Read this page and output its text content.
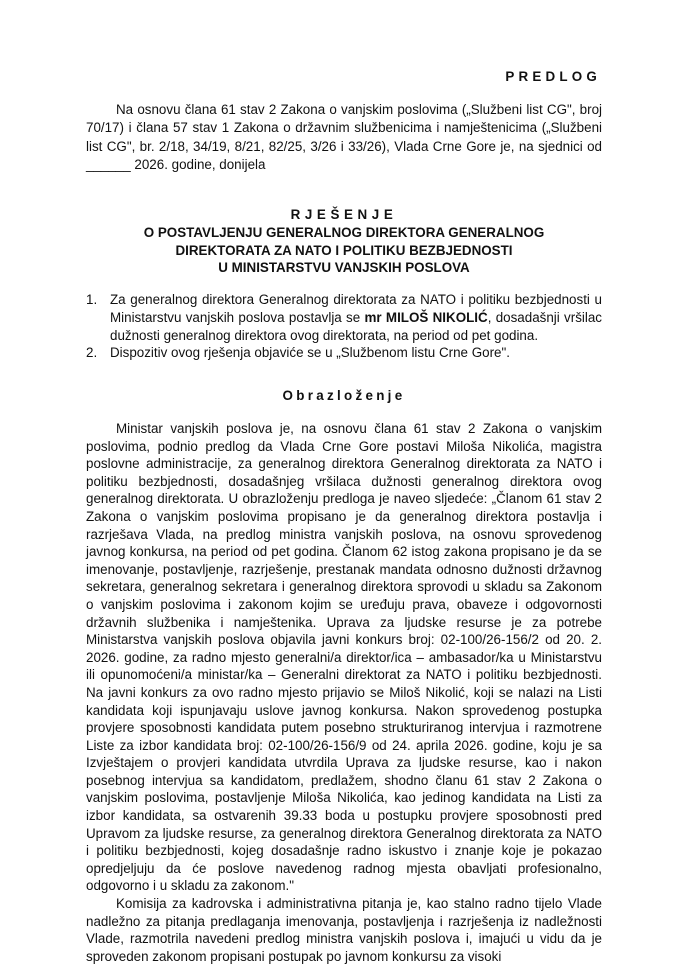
PREDLOG
Na osnovu člana 61 stav 2 Zakona o vanjskim poslovima („Službeni list CG", broj 70/17) i člana 57 stav 1 Zakona o državnim službenicima i namještenicima („Službeni list CG", br. 2/18, 34/19, 8/21, 82/25, 3/26 i 33/26), Vlada Crne Gore je, na sjednici od ______ 2026. godine, donijela
RJEŠENJE
O POSTAVLJENJU GENERALNOG DIREKTORA GENERALNOG
DIREKTORATA ZA NATO I POLITIKU BEZBJEDNOSTI
U MINISTARSTVU VANJSKIH POSLOVA
1. Za generalnog direktora Generalnog direktorata za NATO i politiku bezbjednosti u Ministarstvu vanjskih poslova postavlja se mr MILOŠ NIKOLIĆ, dosadašnji vršilac dužnosti generalnog direktora ovog direktorata, na period od pet godina.
2. Dispozitiv ovog rješenja objaviće se u „Službenom listu Crne Gore".
Obrazloženje

Ministar vanjskih poslova je, na osnovu člana 61 stav 2 Zakona o vanjskim poslovima, podnio predlog da Vlada Crne Gore postavi Miloša Nikolića, magistra poslovne administracije, za generalnog direktora Generalnog direktorata za NATO i politiku bezbjednosti, dosadašnjeg vršilaca dužnosti generalnog direktora ovog generalnog direktorata. U obrazloženju predloga je naveo sljedeće: „Članom 61 stav 2 Zakona o vanjskim poslovima propisano je da generalnog direktora postavlja i razrješava Vlada, na predlog ministra vanjskih poslova, na osnovu sprovedenog javnog konkursa, na period od pet godina. Članom 62 istog zakona propisano je da se imenovanje, postavljenje, razrješenje, prestanak mandata odnosno dužnosti državnog sekretara, generalnog sekretara i generalnog direktora sprovodi u skladu sa Zakonom o vanjskim poslovima i zakonom kojim se uređuju prava, obaveze i odgovornosti državnih službenika i namještenika. Uprava za ljudske resurse je za potrebe Ministarstva vanjskih poslova objavila javni konkurs broj: 02-100/26-156/2 od 20. 2. 2026. godine, za radno mjesto generalni/a direktor/ica – ambasador/ka u Ministarstvu ili opunomoćeni/a ministar/ka – Generalni direktorat za NATO i politiku bezbjednosti. Na javni konkurs za ovo radno mjesto prijavio se Miloš Nikolić, koji se nalazi na Listi kandidata koji ispunjavaju uslove javnog konkursa. Nakon sprovedenog postupka provjere sposobnosti kandidata putem posebno strukturiranog intervjua i razmotrene Liste za izbor kandidata broj: 02-100/26-156/9 od 24. aprila 2026. godine, koju je sa Izvještajem o provjeri kandidata utvrdila Uprava za ljudske resurse, kao i nakon posebnog intervjua sa kandidatom, predlažem, shodno članu 61 stav 2 Zakona o vanjskim poslovima, postavljenje Miloša Nikolića, kao jedinog kandidata na Listi za izbor kandidata, sa ostvarenih 39.33 boda u postupku provjere sposobnosti pred Upravom za ljudske resurse, za generalnog direktora Generalnog direktorata za NATO i politiku bezbjednosti, kojeg dosadašnje radno iskustvo i znanje koje je pokazao opredjeljuju da će poslove navedenog radnog mjesta obavljati profesionalno, odgovorno i u skladu za zakonom."

Komisija za kadrovska i administrativna pitanja je, kao stalno radno tijelo Vlade nadležno za pitanja predlaganja imenovanja, postavljenja i razrješenja iz nadležnosti Vlade, razmotrila navedeni predlog ministra vanjskih poslova i, imajući u vidu da je sproveden zakonom propisani postupak po javnom konkursu za visoki
